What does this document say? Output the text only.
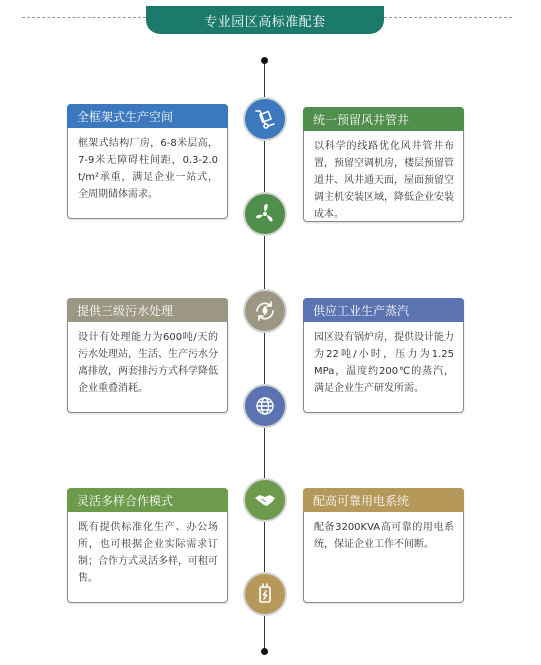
专业园区高标准配套
全框架式生产空间
框架式结构厂房，6-8米层高，7-9米无障碍柱间距，0.3-2.0 t/m²承重，满足企业一站式，全周期储体需求。
统一预留风井管井
以科学的线路优化风井管井布置，预留空调机房，楼层预留管道井、风井通天面，屋面预留空调主机安装区域，降低企业安装成本。
提供三级污水处理
设计有处理能力为600吨/天的污水处理站，生活、生产污水分离排放，两套排污方式科学降低企业重叠消耗。
供应工业生产蒸汽
园区设有锅炉房，提供设计能力为22吨/小时，压力为1.25 MPa，温度约200℃的蒸汽，满足企业生产研发所需。
灵活多样合作模式
既有提供标准化生产、办公场所，也可根据企业实际需求订制；合作方式灵活多样，可租可售。
配高可靠用电系统
配备3200KVA高可靠的用电系统，保证企业工作不间断。
